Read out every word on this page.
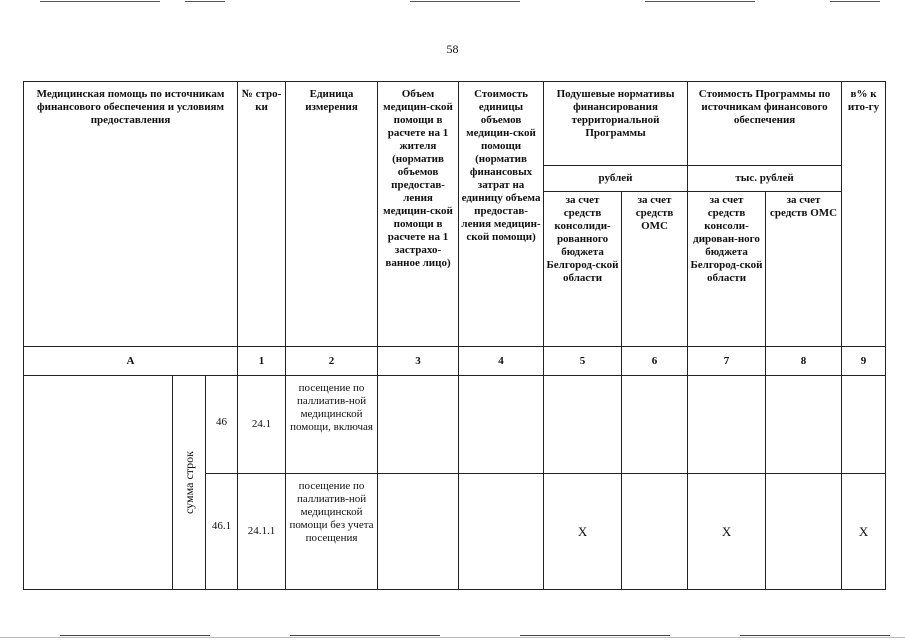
58
Медицинская помощь по источникам финансового обеспечения и условиям предоставления			№ стро-ки	Единица измерения	Объем медицин-ской помощи в расчете на 1 жителя (норматив объемов предостав-ления медицин-ской помощи в расчете на 1 застрахо-ванное лицо)	Стоимость единицы объемов медицин-ской помощи (норматив финансовых затрат на единицу объема предостав-ления медицин-ской помощи)	Подушевые нормативы финансирования территориальной Программы		Стоимость Программы по источникам финансового обеспечения		в% к ито-гу
							рублей		тыс. рублей		
							за счет средств консолиди-рованного бюджета Белгород-ской области	за счет средств ОМС	за счет средств консоли-дирован-ного бюджета Белгород-ской области	за счет средств ОМС	
А			1	2	3	4	5	6	7	8	9
	сумма строк	46	24.1	посещение по паллиатив-ной медицинской помощи, включая							
		46.1	24.1.1	посещение по паллиатив-ной медицинской помощи без учета посещения			X		X		X
